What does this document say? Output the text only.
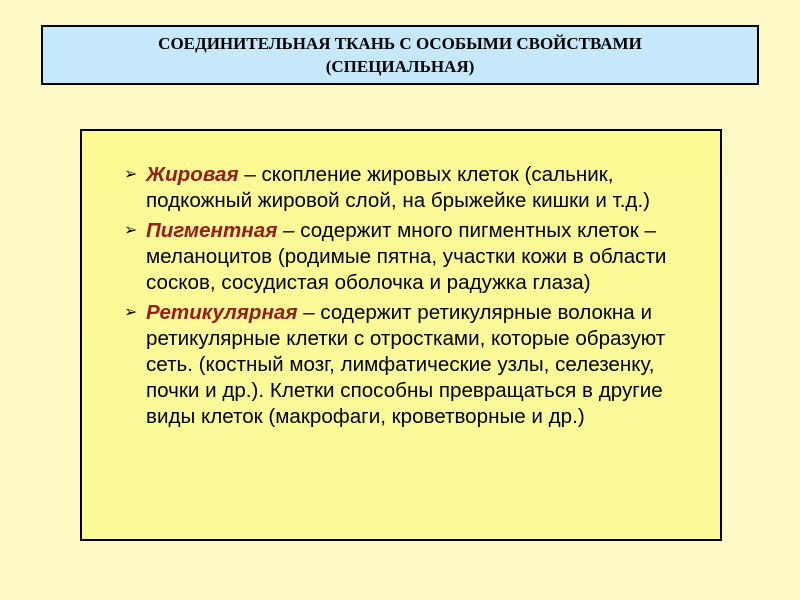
СОЕДИНИТЕЛЬНАЯ ТКАНЬ С ОСОБЫМИ СВОЙСТВАМИ
(СПЕЦИАЛЬНАЯ)
➢ Жировая – скопление жировых клеток (сальник, подкожный жировой слой, на брыжейке кишки и т.д.)
➢ Пигментная – содержит много пигментных клеток – меланоцитов (родимые пятна, участки кожи в области сосков, сосудистая оболочка и радужка глаза)
➢ Ретикулярная – содержит ретикулярные волокна и ретикулярные клетки с отростками, которые образуют сеть. (костный мозг, лимфатические узлы, селезенку, почки и др.). Клетки способны превращаться в другие виды клеток (макрофаги, кроветворные и др.)
